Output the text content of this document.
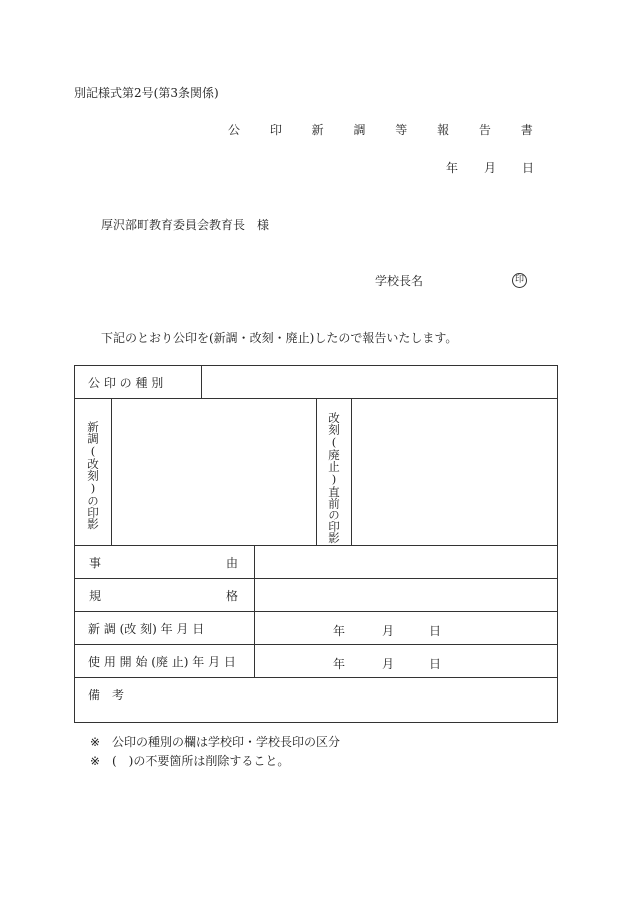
別記様式第2号(第3条関係)
公 印 新 調 等 報 告 書
年 月 日
厚沢部町教育委員会教育長 様
学校長名	印
下記のとおり公印を(新調・改刻・廃止)したので報告いたします。
公 印 の 種 別					

新調(改刻)の印影				改刻(廃止)直前の印影	

事 由					

規 格					

新 調 (改 刻) 年 月 日			年 月 日		

使 用 開 始 (廃 止) 年 月 日			年 月 日		

備　考					
※ 公印の種別の欄は学校印・学校長印の区分
※ (　)の不要箇所は削除すること。
